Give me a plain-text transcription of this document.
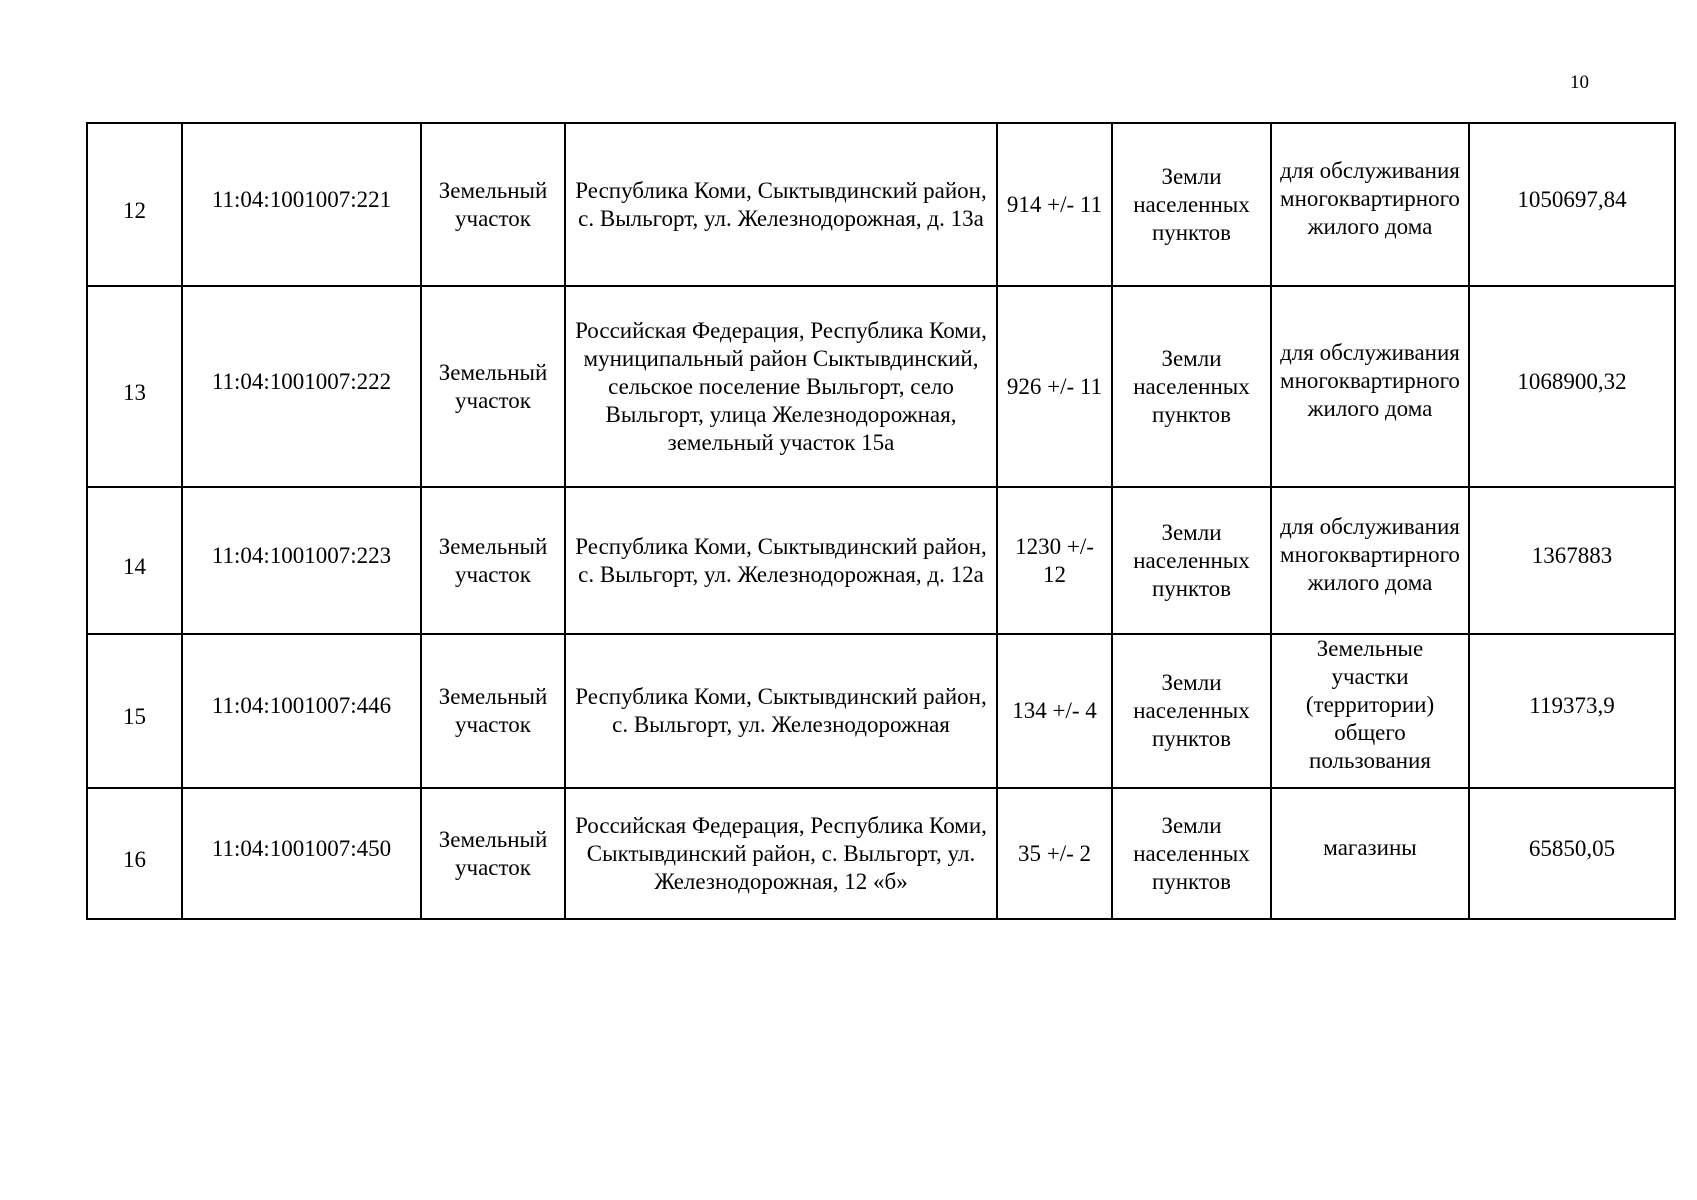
10
12	11:04:1001007:221	Земельный участок	Республика Коми, Сыктывдинский район, с. Выльгорт, ул. Железнодорожная, д. 13а	914 +/- 11	Земли населенных пунктов	для обслуживания многоквартирного жилого дома	1050697,84
13	11:04:1001007:222	Земельный участок	Российская Федерация, Республика Коми, муниципальный район Сыктывдинский, сельское поселение Выльгорт, село Выльгорт, улица Железнодорожная, земельный участок 15а	926 +/- 11	Земли населенных пунктов	для обслуживания многоквартирного жилого дома	1068900,32
14	11:04:1001007:223	Земельный участок	Республика Коми, Сыктывдинский район, с. Выльгорт, ул. Железнодорожная, д. 12а	1230 +/- 12	Земли населенных пунктов	для обслуживания многоквартирного жилого дома	1367883
15	11:04:1001007:446	Земельный участок	Республика Коми, Сыктывдинский район, с. Выльгорт, ул. Железнодорожная	134 +/- 4	Земли населенных пунктов	Земельные участки (территории) общего пользования	119373,9
16	11:04:1001007:450	Земельный участок	Российская Федерация, Республика Коми, Сыктывдинский район, с. Выльгорт, ул. Железнодорожная, 12 «б»	35 +/- 2	Земли населенных пунктов	магазины	65850,05
